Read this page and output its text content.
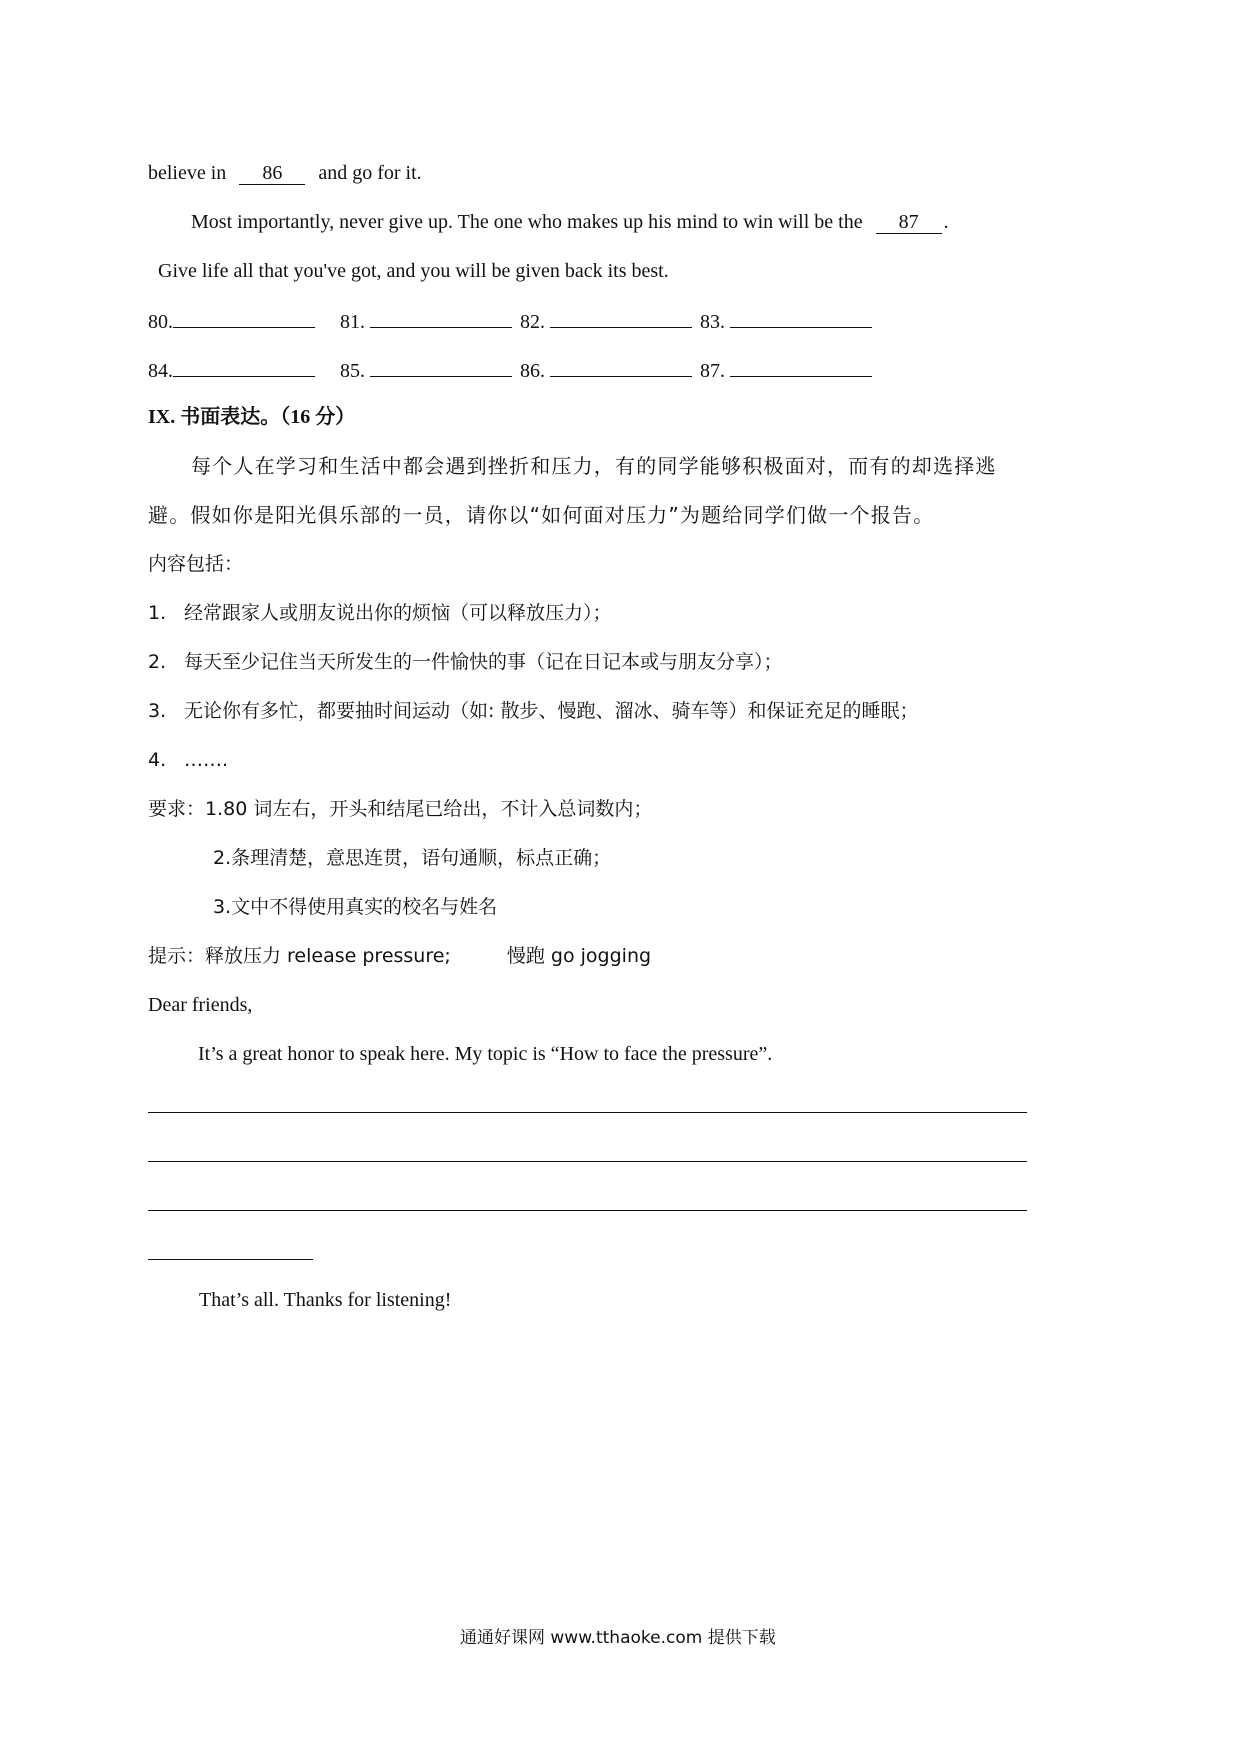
believe in 86 and go for it.
Most importantly, never give up. The one who makes up his mind to win will be the 87 .
Give life all that you've got, and you will be given back its best.
80.	81.	82.	83.
84.	85.	86.	87.
IX. 书面表达。（16 分）
每个人在学习和生活中都会遇到挫折和压力，有的同学能够积极面对，而有的却选择逃
避。假如你是阳光俱乐部的一员，请你以“如何面对压力”为题给同学们做一个报告。
内容包括：
1. 经常跟家人或朋友说出你的烦恼（可以释放压力）；
2. 每天至少记住当天所发生的一件愉快的事（记在日记本或与朋友分享）；
3. 无论你有多忙，都要抽时间运动（如: 散步、慢跑、溜冰、骑车等）和保证充足的睡眠；
4. …….
要求：1.80 词左右，开头和结尾已给出，不计入总词数内；
2.条理清楚，意思连贯，语句通顺，标点正确；
3.文中不得使用真实的校名与姓名
提示：释放压力 release pressure;	慢跑 go jogging
Dear friends,
It’s a great honor to speak here. My topic is “How to face the pressure”.
That’s all. Thanks for listening!
通通好课网 www.tthaoke.com 提供下载
